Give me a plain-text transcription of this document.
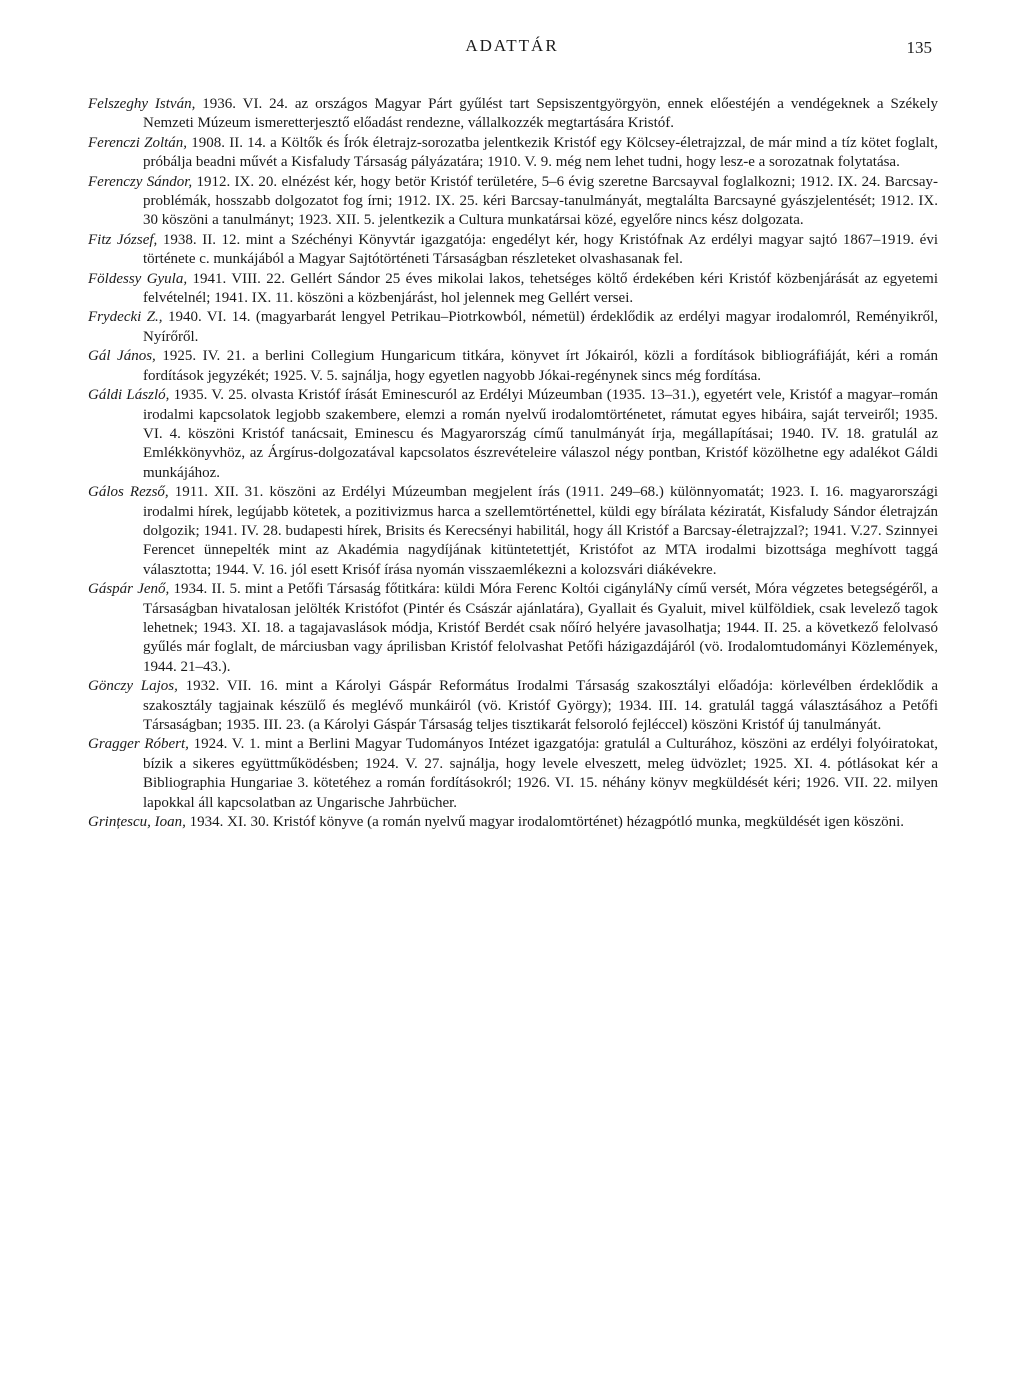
ADATTÁR	135

Felszeghy István, 1936. VI. 24. az országos Magyar Párt gyűlést tart Sepsiszentgyörgyön, ennek előestéjén a vendégeknek a Székely Nemzeti Múzeum ismeretterjesztő előadást rendezne, vállalkozzék megtartására Kristóf.

Ferenczi Zoltán, 1908. II. 14. a Költők és Írók életrajz-sorozatba jelentkezik Kristóf egy Kölcsey-életrajzzal, de már mind a tíz kötet foglalt, próbálja beadni művét a Kisfaludy Társaság pályázatára; 1910. V. 9. még nem lehet tudni, hogy lesz-e a sorozatnak folytatása.

Ferenczy Sándor, 1912. IX. 20. elnézést kér, hogy betör Kristóf területére, 5–6 évig szeretne Barcsayval foglalkozni; 1912. IX. 24. Barcsay-problémák, hosszabb dolgozatot fog írni; 1912. IX. 25. kéri Barcsay-tanulmányát, megtalálta Barcsayné gyászjelentését; 1912. IX. 30 köszöni a tanulmányt; 1923. XII. 5. jelentkezik a Cultura munkatársai közé, egyelőre nincs kész dolgozata.

Fitz József, 1938. II. 12. mint a Széchényi Könyvtár igazgatója: engedélyt kér, hogy Kristófnak Az erdélyi magyar sajtó 1867–1919. évi története c. munkájából a Magyar Sajtótörténeti Társaságban részleteket olvashasanak fel.

Földessy Gyula, 1941. VIII. 22. Gellért Sándor 25 éves mikolai lakos, tehetséges költő érdekében kéri Kristóf közbenjárását az egyetemi felvételnél; 1941. IX. 11. köszöni a közbenjárást, hol jelennek meg Gellért versei.

Frydecki Z., 1940. VI. 14. (magyarbarát lengyel Petrikau–Piotrkowból, németül) érdeklődik az erdélyi magyar irodalomról, Reményikről, Nyírőről.

Gál János, 1925. IV. 21. a berlini Collegium Hungaricum titkára, könyvet írt Jókairól, közli a fordítások bibliográfiáját, kéri a román fordítások jegyzékét; 1925. V. 5. sajnálja, hogy egyetlen nagyobb Jókai-regénynek sincs még fordítása.

Gáldi László, 1935. V. 25. olvasta Kristóf írását Eminescuról az Erdélyi Múzeumban (1935. 13–31.), egyetért vele, Kristóf a magyar–román irodalmi kapcsolatok legjobb szakembere, elemzi a román nyelvű irodalomtörténetet, rámutat egyes hibáira, saját terveiről; 1935. VI. 4. köszöni Kristóf tanácsait, Eminescu és Magyarország című tanulmányát írja, megállapításai; 1940. IV. 18. gratulál az Emlékkönyvhöz, az Árgírus-dolgozatával kapcsolatos észrevételeire válaszol négy pontban, Kristóf közölhetne egy adalékot Gáldi munkájához.

Gálos Rezső, 1911. XII. 31. köszöni az Erdélyi Múzeumban megjelent írás (1911. 249–68.) különnyomatát; 1923. I. 16. magyarországi irodalmi hírek, legújabb kötetek, a pozitivizmus harca a szellemtörténettel, küldi egy bírálata kéziratát, Kisfaludy Sándor életrajzán dolgozik; 1941. IV. 28. budapesti hírek, Brisits és Kerecsényi habilitál, hogy áll Kristóf a Barcsay-életrajzzal?; 1941. V.27. Szinnyei Ferencet ünnepelték mint az Akadémia nagydíjának kitüntetettjét, Kristófot az MTA irodalmi bizottsága meghívott taggá választotta; 1944. V. 16. jól esett Krisóf írása nyomán visszaemlékezni a kolozsvári diákévekre.

Gáspár Jenő, 1934. II. 5. mint a Petőfi Társaság főtitkára: küldi Móra Ferenc Koltói cigányláNy című versét, Móra végzetes betegségéről, a Társaságban hivatalosan jelölték Kristófot (Pintér és Császár ajánlatára), Gyallait és Gyaluit, mivel külföldiek, csak levelező tagok lehetnek; 1943. XI. 18. a tagajavaslások módja, Kristóf Berdét csak nőíró helyére javasolhatja; 1944. II. 25. a következő felolvasó gyűlés már foglalt, de márciusban vagy áprilisban Kristóf felolvashat Petőfi házigazdájáról (vö. Irodalomtudományi Közlemények, 1944. 21–43.).

Gönczy Lajos, 1932. VII. 16. mint a Károlyi Gáspár Református Irodalmi Társaság szakosztályi előadója: körlevélben érdeklődik a szakosztály tagjainak készülő és meglévő munkáiról (vö. Kristóf György); 1934. III. 14. gratulál taggá választásához a Petőfi Társaságban; 1935. III. 23. (a Károlyi Gáspár Társaság teljes tisztikarát felsoroló fejléccel) köszöni Kristóf új tanulmányát.

Gragger Róbert, 1924. V. 1. mint a Berlini Magyar Tudományos Intézet igazgatója: gratulál a Culturához, köszöni az erdélyi folyóiratokat, bízik a sikeres együttműködésben; 1924. V. 27. sajnálja, hogy levele elveszett, meleg üdvözlet; 1925. XI. 4. pótlásokat kér a Bibliographia Hungariae 3. kötetéhez a román fordításokról; 1926. VI. 15. néhány könyv megküldését kéri; 1926. VII. 22. milyen lapokkal áll kapcsolatban az Ungarische Jahrbücher.

Grințescu, Ioan, 1934. XI. 30. Kristóf könyve (a román nyelvű magyar irodalomtörténet) hézagpótló munka, megküldését igen köszöni.
